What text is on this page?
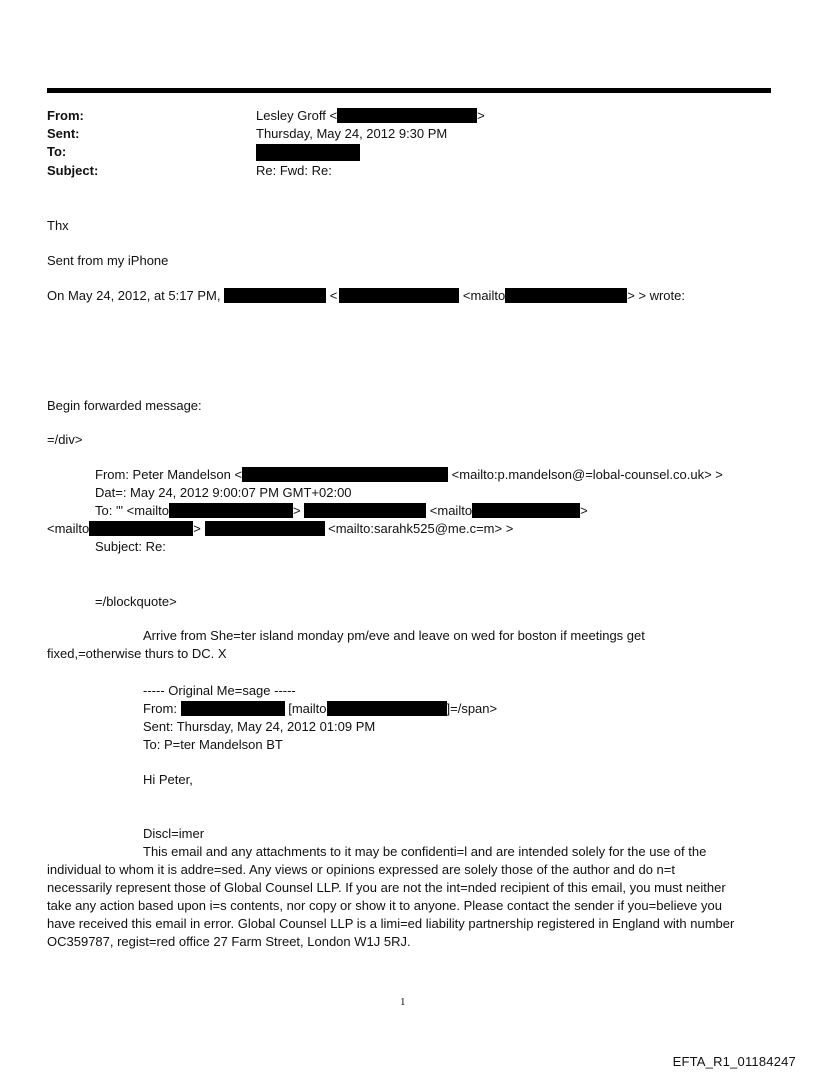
From:	Lesley Groff <	>
Sent:	Thursday, May 24, 2012 9:30 PM
To:
Subject:	Re: Fwd: Re:
Thx
Sent from my iPhone
On May 24, 2012, at 5:17 PM,	<	<mailto	> > wrote:
Begin forwarded message:
=/div>
From: Peter Mandelson <	<mailto:p.mandelson@=lobal-counsel.co.uk> >
Dat=: May 24, 2012 9:00:07 PM GMT+02:00
To: "' <mailto	>	<mailto	>
<mailto	>	<mailto:sarahk525@me.c=m> >
Subject: Re:
=/blockquote>
Arrive from She=ter island monday pm/eve and leave on wed for boston if meetings get
fixed,=otherwise thurs to DC. X
----- Original Me=sage -----
From:	[mailto	]=/span>
Sent: Thursday, May 24, 2012 01:09 PM
To: P=ter Mandelson BT
Hi Peter,
Discl=imer
This email and any attachments to it may be confidenti=l and are intended solely for the use of the
individual to whom it is addre=sed. Any views or opinions expressed are solely those of the author and do n=t
necessarily represent those of Global Counsel LLP. If you are not the int=nded recipient of this email, you must neither
take any action based upon i=s contents, nor copy or show it to anyone. Please contact the sender if you=believe you
have received this email in error. Global Counsel LLP is a limi=ed liability partnership registered in England with number
OC359787, regist=red office 27 Farm Street, London W1J 5RJ.
1
EFTA_R1_01184247
